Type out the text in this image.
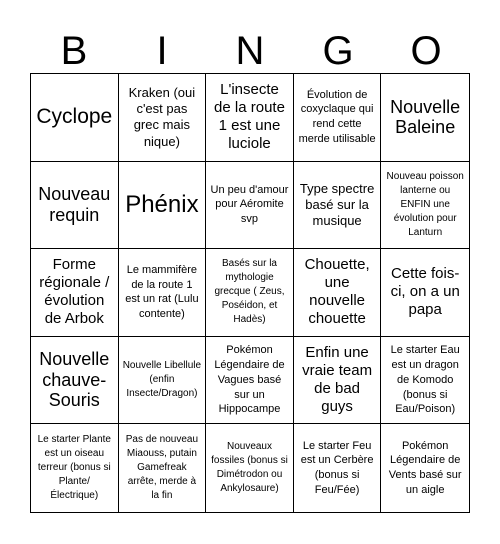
B	I	N	G	O
Cyclope
Kraken (oui c'est pas grec mais nique)
L'insecte de la route 1 est une luciole
Évolution de coxyclaque qui rend cette merde utilisable
Nouvelle Baleine
Nouveau requin	Phénix
Un peu d'amour pour Aéromite svp
Type spectre basé sur la musique
Nouveau poisson lanterne ou ENFIN une évolution pour Lanturn
Forme régionale / évolution de Arbok
Le mammifère de la route 1 est un rat (Lulu contente)
Basés sur la mythologie grecque ( Zeus, Poséidon, et Hadès)
Chouette, une nouvelle chouette
Cette fois-ci, on a un papa
Nouvelle chauve-Souris
Nouvelle Libellule (enfin Insecte/Dragon)
Pokémon Légendaire de Vagues basé sur un Hippocampe
Enfin une vraie team de bad guys
Le starter Eau est un dragon de Komodo (bonus si Eau/Poison)
Le starter Plante est un oiseau terreur (bonus si Plante/ Électrique)
Pas de nouveau Miaouss, putain Gamefreak arrête, merde à la fin
Nouveaux fossiles (bonus si Dimétrodon ou Ankylosaure)
Le starter Feu est un Cerbère (bonus si Feu/Fée)
Pokémon Légendaire de Vents basé sur un aigle
